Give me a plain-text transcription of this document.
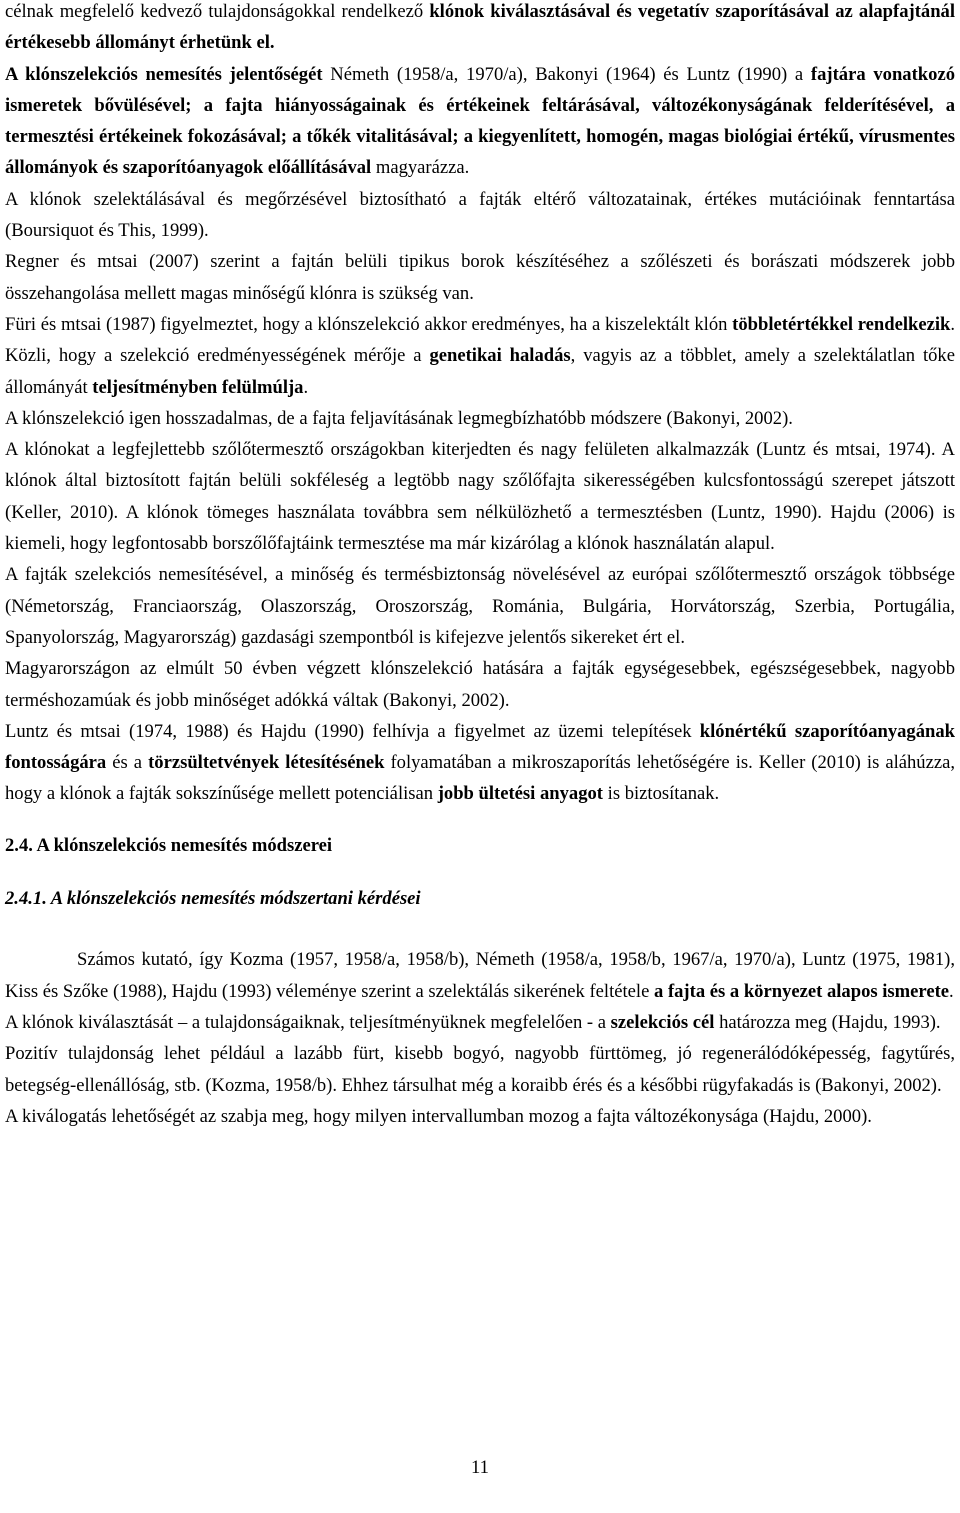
célnak megfelelő kedvező tulajdonságokkal rendelkező klónok kiválasztásával és vegetatív szaporításával az alapfajtánál értékesebb állományt érhetünk el.

A klónszelekciós nemesítés jelentőségét Németh (1958/a, 1970/a), Bakonyi (1964) és Luntz (1990) a fajtára vonatkozó ismeretek bővülésével; a fajta hiányosságainak és értékeinek feltárásával, változékonyságának felderítésével, a termesztési értékeinek fokozásával; a tőkék vitalitásával; a kiegyenlített, homogén, magas biológiai értékű, vírusmentes állományok és szaporítóanyagok előállításával magyarázza.

A klónok szelektálásával és megőrzésével biztosítható a fajták eltérő változatainak, értékes mutációinak fenntartása (Boursiquot és This, 1999).

Regner és mtsai (2007) szerint a fajtán belüli tipikus borok készítéséhez a szőlészeti és borászati módszerek jobb összehangolása mellett magas minőségű klónra is szükség van.

Füri és mtsai (1987) figyelmeztet, hogy a klónszelekció akkor eredményes, ha a kiszelektált klón többletértékkel rendelkezik. Közli, hogy a szelekció eredményességének mérője a genetikai haladás, vagyis az a többlet, amely a szelektálatlan tőke állományát teljesítményben felülmúlja.

A klónszelekció igen hosszadalmas, de a fajta feljavításának legmegbízhatóbb módszere (Bakonyi, 2002).

A klónokat a legfejlettebb szőlőtermesztő országokban kiterjedten és nagy felületen alkalmazzák (Luntz és mtsai, 1974). A klónok által biztosított fajtán belüli sokféleség a legtöbb nagy szőlőfajta sikerességében kulcsfontosságú szerepet játszott (Keller, 2010). A klónok tömeges használata továbbra sem nélkülözhető a termesztésben (Luntz, 1990). Hajdu (2006) is kiemeli, hogy legfontosabb borszőlőfajtáink termesztése ma már kizárólag a klónok használatán alapul.

A fajták szelekciós nemesítésével, a minőség és termésbiztonság növelésével az európai szőlőtermesztő országok többsége (Németország, Franciaország, Olaszország, Oroszország, Románia, Bulgária, Horvátország, Szerbia, Portugália, Spanyolország, Magyarország) gazdasági szempontból is kifejezve jelentős sikereket ért el.

Magyarországon az elmúlt 50 évben végzett klónszelekció hatására a fajták egységesebbek, egészségesebbek, nagyobb terméshozamúak és jobb minőséget adókká váltak (Bakonyi, 2002).

Luntz és mtsai (1974, 1988) és Hajdu (1990) felhívja a figyelmet az üzemi telepítések klónértékű szaporítóanyagának fontosságára és a törzsültetvények létesítésének folyamatában a mikroszaporítás lehetőségére is. Keller (2010) is aláhúzza, hogy a klónok a fajták sokszínűsége mellett potenciálisan jobb ültetési anyagot is biztosítanak.

2.4. A klónszelekciós nemesítés módszerei
2.4.1. A klónszelekciós nemesítés módszertani kérdései

Számos kutató, így Kozma (1957, 1958/a, 1958/b), Németh (1958/a, 1958/b, 1967/a, 1970/a), Luntz (1975, 1981), Kiss és Szőke (1988), Hajdu (1993) véleménye szerint a szelektálás sikerének feltétele a fajta és a környezet alapos ismerete.

A klónok kiválasztását – a tulajdonságaiknak, teljesítményüknek megfelelően - a szelekciós cél határozza meg (Hajdu, 1993).

Pozitív tulajdonság lehet például a lazább fürt, kisebb bogyó, nagyobb fürttömeg, jó regenerálódóképesség, fagytűrés, betegség-ellenállóság, stb. (Kozma, 1958/b). Ehhez társulhat még a koraibb érés és a későbbi rügyfakadás is (Bakonyi, 2002).

A kiválogatás lehetőségét az szabja meg, hogy milyen intervallumban mozog a fajta változékonysága (Hajdu, 2000).

11
